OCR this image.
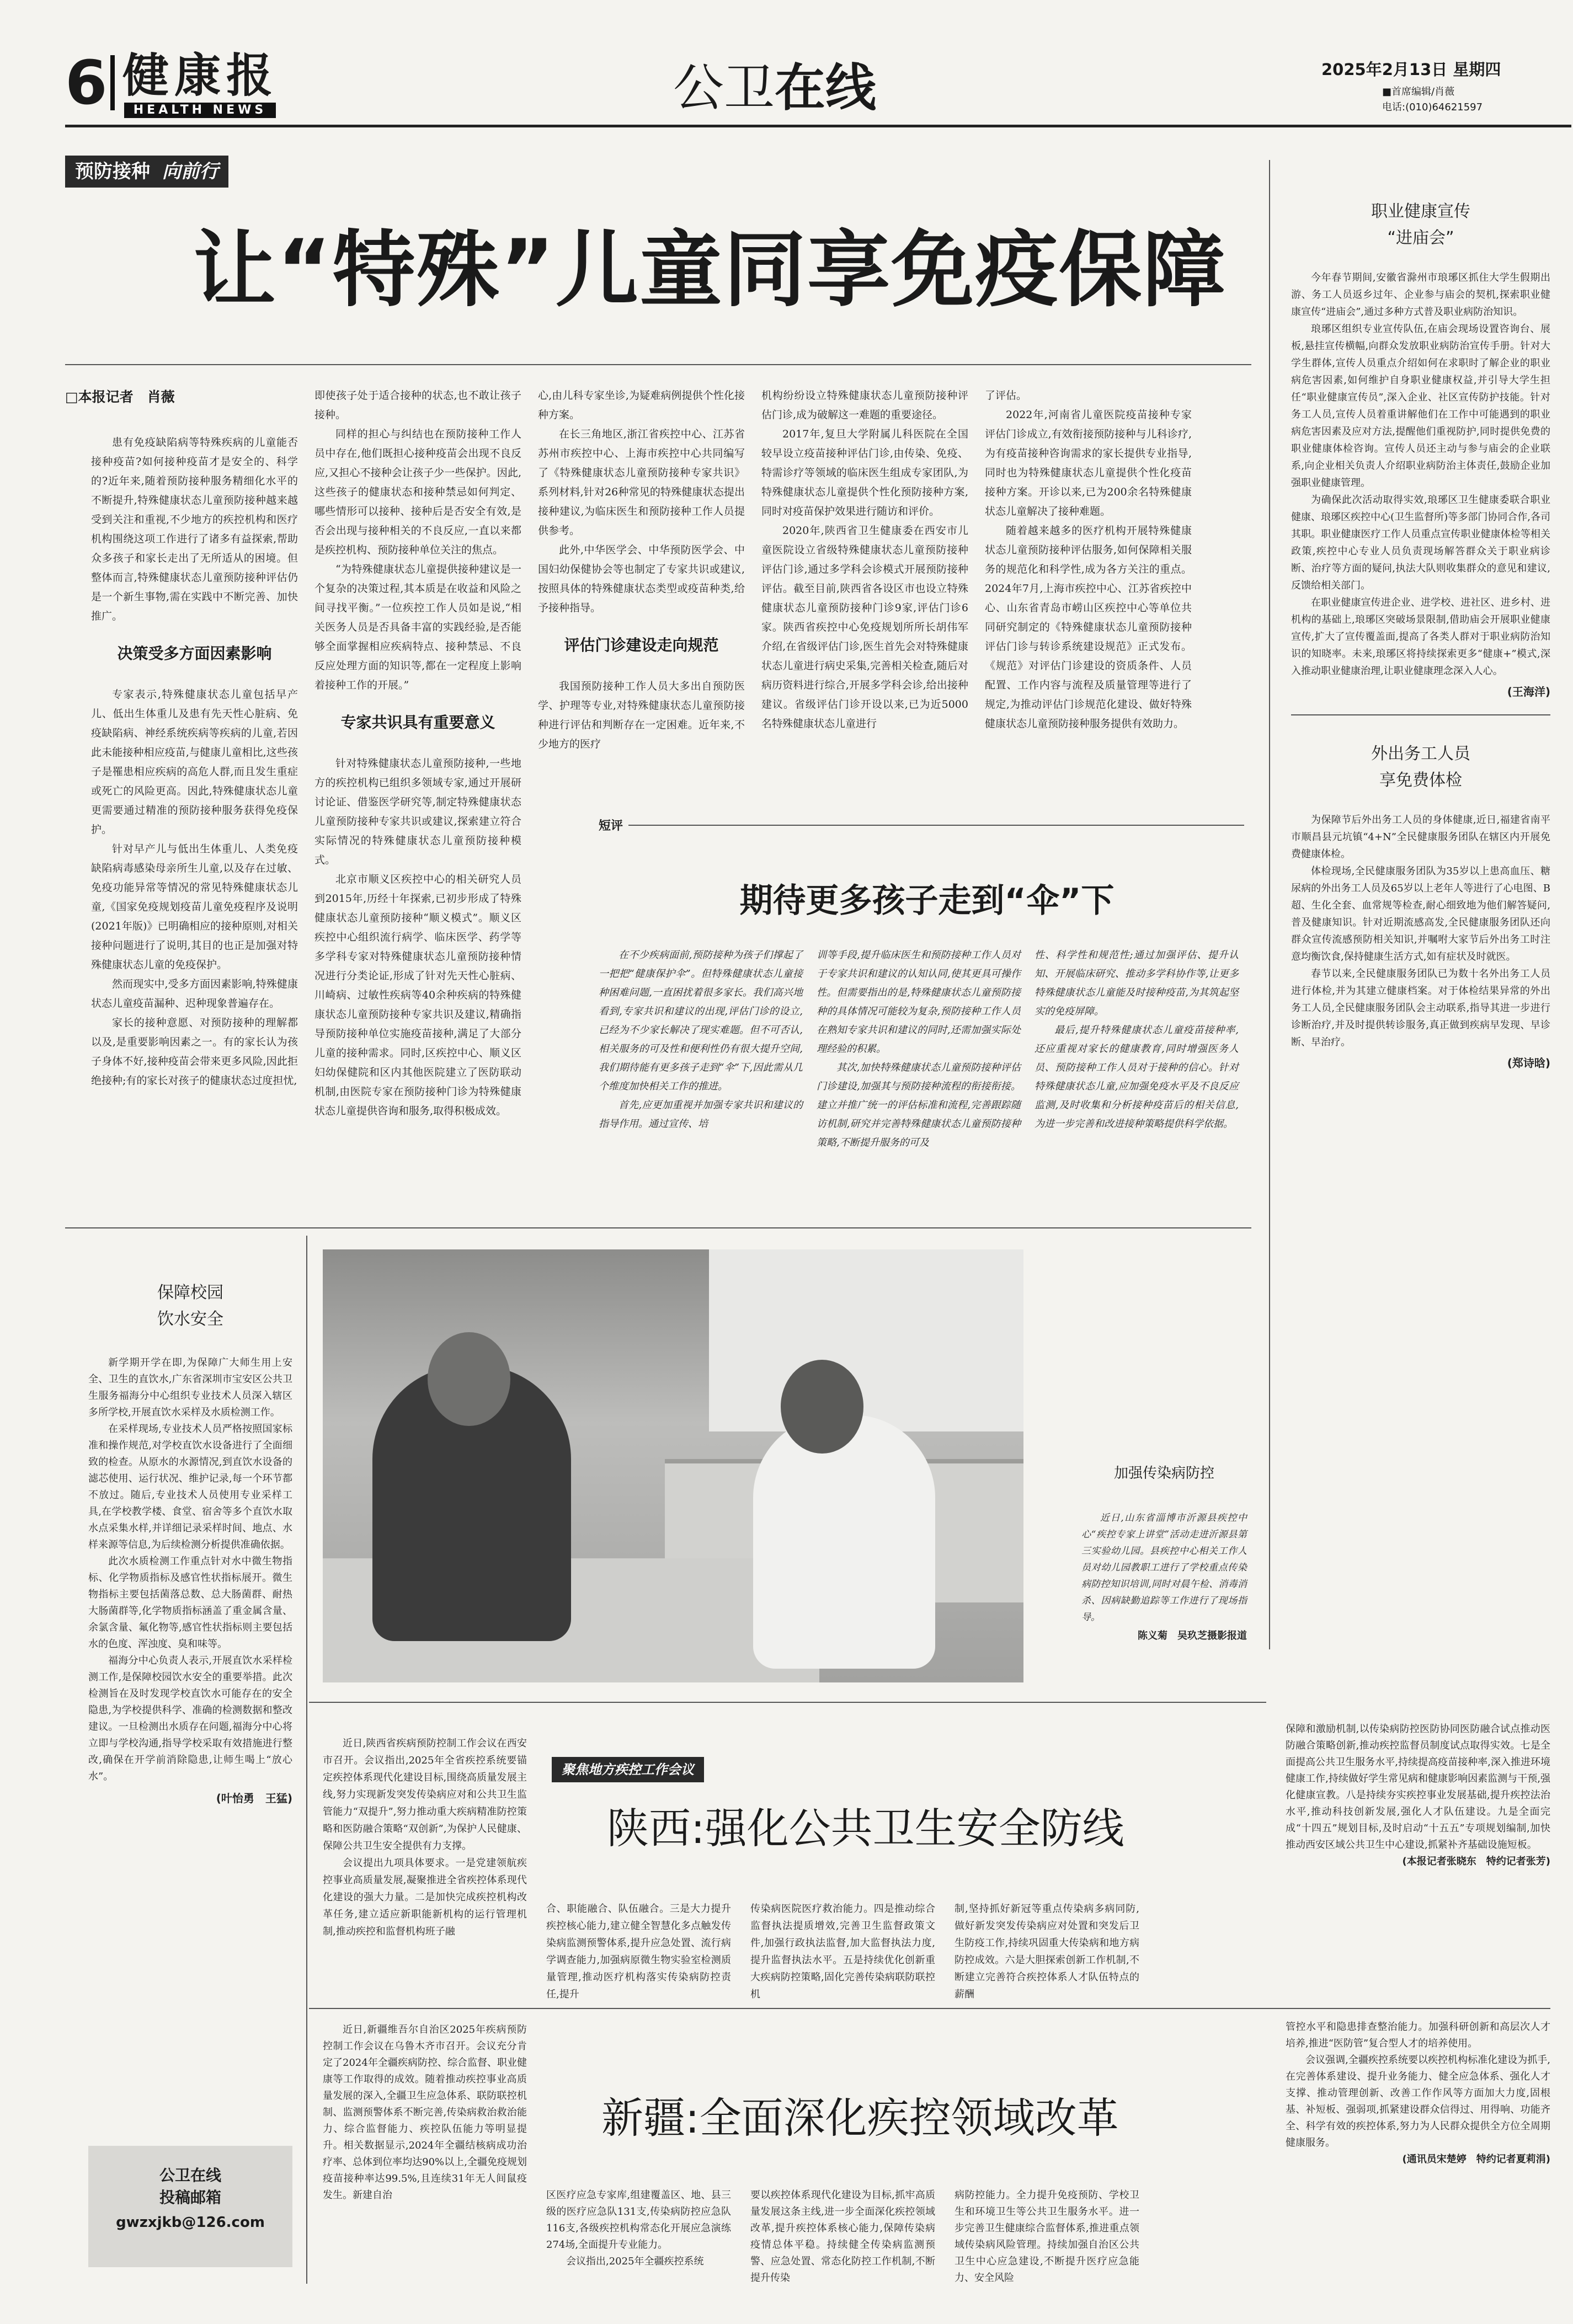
6 健康报
HEALTH NEWS	公卫在线	2025年2月13日 星期四
■首席编辑/肖薇
电话:(010)64621597
预防接种 向前行
让“特殊”儿童同享免疫保障
□本报记者　肖薇

患有免疫缺陷病等特殊疾病的儿童能否接种疫苗?如何接种疫苗才是安全的、科学的?近年来,随着预防接种服务精细化水平的不断提升,特殊健康状态儿童预防接种越来越受到关注和重视,不少地方的疾控机构和医疗机构围绕这项工作进行了诸多有益探索,帮助众多孩子和家长走出了无所适从的困境。但整体而言,特殊健康状态儿童预防接种评估仍是一个新生事物,需在实践中不断完善、加快推广。

决策受多方面因素影响

专家表示,特殊健康状态儿童包括早产儿、低出生体重儿及患有先天性心脏病、免疫缺陷病、神经系统疾病等疾病的儿童,若因此未能接种相应疫苗,与健康儿童相比,这些孩子是罹患相应疾病的高危人群,而且发生重症或死亡的风险更高。因此,特殊健康状态儿童更需要通过精准的预防接种服务获得免疫保护。

针对早产儿与低出生体重儿、人类免疫缺陷病毒感染母亲所生儿童,以及存在过敏、免疫功能异常等情况的常见特殊健康状态儿童,《国家免疫规划疫苗儿童免疫程序及说明(2021年版)》已明确相应的接种原则,对相关接种问题进行了说明,其目的也正是加强对特殊健康状态儿童的免疫保护。

然而现实中,受多方面因素影响,特殊健康状态儿童疫苗漏种、迟种现象普遍存在。

家长的接种意愿、对预防接种的理解都以及,是重要影响因素之一。有的家长认为孩子身体不好,接种疫苗会带来更多风险,因此拒绝接种;有的家长对孩子的健康状态过度担忧,

即使孩子处于适合接种的状态,也不敢让孩子接种。

同样的担心与纠结也在预防接种工作人员中存在,他们既担心接种疫苗会出现不良反应,又担心不接种会让孩子少一些保护。因此,这些孩子的健康状态和接种禁忌如何判定、哪些情形可以接种、接种后是否安全有效,是否会出现与接种相关的不良反应,一直以来都是疾控机构、预防接种单位关注的焦点。

“为特殊健康状态儿童提供接种建议是一个复杂的决策过程,其本质是在收益和风险之间寻找平衡。”一位疾控工作人员如是说,“相关医务人员是否具备丰富的实践经验,是否能够全面掌握相应疾病特点、接种禁忌、不良反应处理方面的知识等,都在一定程度上影响着接种工作的开展。”

专家共识具有重要意义

针对特殊健康状态儿童预防接种,一些地方的疾控机构已组织多领域专家,通过开展研讨论证、借鉴医学研究等,制定特殊健康状态儿童预防接种专家共识或建议,探索建立符合实际情况的特殊健康状态儿童预防接种模式。

北京市顺义区疾控中心的相关研究人员到2015年,历经十年探索,已初步形成了特殊健康状态儿童预防接种“顺义模式”。顺义区疾控中心组织流行病学、临床医学、药学等多学科专家对特殊健康状态儿童预防接种情况进行分类论证,形成了针对先天性心脏病、川崎病、过敏性疾病等40余种疾病的特殊健康状态儿童预防接种专家共识及建议,精确指导预防接种单位实施疫苗接种,满足了大部分儿童的接种需求。同时,区疾控中心、顺义区妇幼保健院和区内其他医院建立了医防联动机制,由医院专家在预防接种门诊为特殊健康状态儿童提供咨询和服务,取得积极成效。

心,由儿科专家坐诊,为疑难病例提供个性化接种方案。

在长三角地区,浙江省疾控中心、江苏省苏州市疾控中心、上海市疾控中心共同编写了《特殊健康状态儿童预防接种专家共识》系列材料,针对26种常见的特殊健康状态提出接种建议,为临床医生和预防接种工作人员提供参考。

此外,中华医学会、中华预防医学会、中国妇幼保健协会等也制定了专家共识或建议,按照具体的特殊健康状态类型或疫苗种类,给予接种指导。

评估门诊建设走向规范

我国预防接种工作人员大多出自预防医学、护理等专业,对特殊健康状态儿童预防接种进行评估和判断存在一定困难。近年来,不少地方的医疗

机构纷纷设立特殊健康状态儿童预防接种评估门诊,成为破解这一难题的重要途径。

2017年,复旦大学附属儿科医院在全国较早设立疫苗接种评估门诊,由传染、免疫、特需诊疗等领域的临床医生组成专家团队,为特殊健康状态儿童提供个性化预防接种方案,同时对疫苗保护效果进行随访和评价。

2020年,陕西省卫生健康委在西安市儿童医院设立省级特殊健康状态儿童预防接种评估门诊,通过多学科会诊模式开展预防接种评估。截至目前,陕西省各设区市也设立特殊健康状态儿童预防接种门诊9家,评估门诊6家。陕西省疾控中心免疫规划所所长胡伟军介绍,在省级评估门诊,医生首先会对特殊健康状态儿童进行病史采集,完善相关检查,随后对病历资料进行综合,开展多学科会诊,给出接种建议。省级评估门诊开设以来,已为近5000名特殊健康状态儿童进行

了评估。

2022年,河南省儿童医院疫苗接种专家评估门诊成立,有效衔接预防接种与儿科诊疗,为有疫苗接种咨询需求的家长提供专业指导,同时也为特殊健康状态儿童提供个性化疫苗接种方案。开诊以来,已为200余名特殊健康状态儿童解决了接种难题。

随着越来越多的医疗机构开展特殊健康状态儿童预防接种评估服务,如何保障相关服务的规范化和科学性,成为各方关注的重点。2024年7月,上海市疾控中心、江苏省疾控中心、山东省青岛市崂山区疾控中心等单位共同研究制定的《特殊健康状态儿童预防接种评估门诊与转诊系统建设规范》正式发布。《规范》对评估门诊建设的资质条件、人员配置、工作内容与流程及质量管理等进行了规定,为推动评估门诊规范化建设、做好特殊健康状态儿童预防接种服务提供有效助力。

短评
期待更多孩子走到“伞”下

在不少疾病面前,预防接种为孩子们撑起了一把把“健康保护伞”。但特殊健康状态儿童接种困难问题,一直困扰着很多家长。我们高兴地看到,专家共识和建议的出现,评估门诊的设立,已经为不少家长解决了现实难题。但不可否认,相关服务的可及性和便利性仍有很大提升空间,我们期待能有更多孩子走到“伞”下,因此需从几个维度加快相关工作的推进。

首先,应更加重视并加强专家共识和建议的指导作用。通过宣传、培

训等手段,提升临床医生和预防接种工作人员对于专家共识和建议的认知认同,使其更具可操作性。但需要指出的是,特殊健康状态儿童预防接种的具体情况可能较为复杂,预防接种工作人员在熟知专家共识和建议的同时,还需加强实际处理经验的积累。

其次,加快特殊健康状态儿童预防接种评估门诊建设,加强其与预防接种流程的衔接衔接。建立并推广统一的评估标准和流程,完善跟踪随访机制,研究并完善特殊健康状态儿童预防接种策略,不断提升服务的可及

性、科学性和规范性;通过加强评估、提升认知、开展临床研究、推动多学科协作等,让更多特殊健康状态儿童能及时接种疫苗,为其筑起坚实的免疫屏障。

最后,提升特殊健康状态儿童疫苗接种率,还应重视对家长的健康教育,同时增强医务人员、预防接种工作人员对于接种的信心。针对特殊健康状态儿童,应加强免疫水平及不良反应监测,及时收集和分析接种疫苗后的相关信息,为进一步完善和改进接种策略提供科学依据。

职业健康宣传
“进庙会”

今年春节期间,安徽省滁州市琅琊区抓住大学生假期出游、务工人员返乡过年、企业参与庙会的契机,探索职业健康宣传“进庙会”,通过多种方式普及职业病防治知识。

琅琊区组织专业宣传队伍,在庙会现场设置咨询台、展板,悬挂宣传横幅,向群众发放职业病防治宣传手册。针对大学生群体,宣传人员重点介绍如何在求职时了解企业的职业病危害因素,如何维护自身职业健康权益,并引导大学生担任“职业健康宣传员”,深入企业、社区宣传防护技能。针对务工人员,宣传人员着重讲解他们在工作中可能遇到的职业病危害因素及应对方法,提醒他们重视防护,同时提供免费的职业健康体检咨询。宣传人员还主动与参与庙会的企业联系,向企业相关负责人介绍职业病防治主体责任,鼓励企业加强职业健康管理。

为确保此次活动取得实效,琅琊区卫生健康委联合职业健康、琅琊区疾控中心(卫生监督所)等多部门协同合作,各司其职。职业健康医疗工作人员重点宣传职业健康体检等相关政策,疾控中心专业人员负责现场解答群众关于职业病诊断、治疗等方面的疑问,执法大队则收集群众的意见和建议,反馈给相关部门。

在职业健康宣传进企业、进学校、进社区、进乡村、进机构的基础上,琅琊区突破场景限制,借助庙会开展职业健康宣传,扩大了宣传覆盖面,提高了各类人群对于职业病防治知识的知晓率。未来,琅琊区将持续探索更多“健康+”模式,深入推动职业健康治理,让职业健康理念深入人心。

(王海洋)
外出务工人员
享免费体检

为保障节后外出务工人员的身体健康,近日,福建省南平市顺昌县元坑镇“4+N”全民健康服务团队在辖区内开展免费健康体检。

体检现场,全民健康服务团队为35岁以上患高血压、糖尿病的外出务工人员及65岁以上老年人等进行了心电图、B超、生化全套、血常规等检查,耐心细致地为他们解答疑问,普及健康知识。针对近期流感高发,全民健康服务团队还向群众宣传流感预防相关知识,并嘱咐大家节后外出务工时注意均衡饮食,保持健康生活方式,如有症状及时就医。

春节以来,全民健康服务团队已为数十名外出务工人员进行体检,并为其建立健康档案。对于体检结果异常的外出务工人员,全民健康服务团队会主动联系,指导其进一步进行诊断治疗,并及时提供转诊服务,真正做到疾病早发现、早诊断、早治疗。

(郑诗晗)
保障校园
饮水安全

新学期开学在即,为保障广大师生用上安全、卫生的直饮水,广东省深圳市宝安区公共卫生服务福海分中心组织专业技术人员深入辖区多所学校,开展直饮水采样及水质检测工作。

在采样现场,专业技术人员严格按照国家标准和操作规范,对学校直饮水设备进行了全面细致的检查。从原水的水源情况,到直饮水设备的滤芯使用、运行状况、维护记录,每一个环节都不放过。随后,专业技术人员使用专业采样工具,在学校教学楼、食堂、宿舍等多个直饮水取水点采集水样,并详细记录采样时间、地点、水样来源等信息,为后续检测分析提供准确依据。

此次水质检测工作重点针对水中微生物指标、化学物质指标及感官性状指标展开。微生物指标主要包括菌落总数、总大肠菌群、耐热大肠菌群等,化学物质指标涵盖了重金属含量、余氯含量、氟化物等,感官性状指标则主要包括水的色度、浑浊度、臭和味等。

福海分中心负责人表示,开展直饮水采样检测工作,是保障校园饮水安全的重要举措。此次检测旨在及时发现学校直饮水可能存在的安全隐患,为学校提供科学、准确的检测数据和整改建议。一旦检测出水质存在问题,福海分中心将立即与学校沟通,指导学校采取有效措施进行整改,确保在开学前消除隐患,让师生喝上“放心水”。

(叶怡勇　王猛)
公卫在线
投稿邮箱
gwzxjkb@126.com
加强传染病防控

近日,山东省淄博市沂源县疾控中心“疾控专家上讲堂”活动走进沂源县第三实验幼儿园。县疾控中心相关工作人员对幼儿园教职工进行了学校重点传染病防控知识培训,同时对晨午检、消毒消杀、因病缺勤追踪等工作进行了现场指导。

陈义菊　吴玖芝摄影报道
聚焦地方疾控工作会议
陕西:强化公共卫生安全防线

近日,陕西省疾病预防控制工作会议在西安市召开。会议指出,2025年全省疾控系统要锚定疾控体系现代化建设目标,围绕高质量发展主线,努力实现新发突发传染病应对和公共卫生监管能力“双提升”,努力推动重大疾病精准防控策略和医防融合策略“双创新”,为保护人民健康、保障公共卫生安全提供有力支撑。

会议提出九项具体要求。一是党建领航疾控事业高质量发展,凝聚推进全省疾控体系现代化建设的强大力量。二是加快完成疾控机构改革任务,建立适应新职能新机构的运行管理机制,推动疾控和监督机构班子融

合、职能融合、队伍融合。三是大力提升疾控核心能力,建立健全智慧化多点触发传染病监测预警体系,提升应急处置、流行病学调查能力,加强病原微生物实验室检测质量管理,推动医疗机构落实传染病防控责任,提升

传染病医院医疗救治能力。四是推动综合监督执法提质增效,完善卫生监督政策文件,加强行政执法监督,加大监督执法力度,提升监督执法水平。五是持续优化创新重大疾病防控策略,固化完善传染病联防联控机

制,坚持抓好新冠等重点传染病多病同防,做好新发突发传染病应对处置和突发后卫生防疫工作,持续巩固重大传染病和地方病防控成效。六是大胆探索创新工作机制,不断建立完善符合疾控体系人才队伍特点的薪酬

保障和激励机制,以传染病防控医防协同医防融合试点推动医防融合策略创新,推动疾控监督员制度试点取得实效。七是全面提高公共卫生服务水平,持续提高疫苗接种率,深入推进环境健康工作,持续做好学生常见病和健康影响因素监测与干预,强化健康宣教。八是持续夯实疾控事业发展基础,提升疾控法治水平,推动科技创新发展,强化人才队伍建设。九是全面完成“十四五”规划目标,及时启动“十五五”专项规划编制,加快推动西安区域公共卫生中心建设,抓紧补齐基础设施短板。

(本报记者张晓东　特约记者张芳)
新疆:全面深化疾控领域改革

近日,新疆维吾尔自治区2025年疾病预防控制工作会议在乌鲁木齐市召开。会议充分肯定了2024年全疆疾病防控、综合监督、职业健康等工作取得的成效。随着推动疾控事业高质量发展的深入,全疆卫生应急体系、联防联控机制、监测预警体系不断完善,传染病救治救治能力、综合监督能力、疾控队伍能力等明显提升。相关数据显示,2024年全疆结核病成功治疗率、总体到位率均达90%以上,全疆免疫规划疫苗接种率达99.5%,且连续31年无人间鼠疫发生。新建自治	区医疗应急专家库,组建覆盖区、地、县三级的医疗应急队131支,传染病防控应急队116支,各级疾控机构常态化开展应急演练274场,全面提升专业能力。

会议指出,2025年全疆疾控系统

要以疾控体系现代化建设为目标,抓牢高质量发展这条主线,进一步全面深化疾控领域改革,提升疾控体系核心能力,保障传染病疫情总体平稳。持续健全传染病监测预警、应急处置、常态化防控工作机制,不断提升传染

病防控能力。全力提升免疫预防、学校卫生和环境卫生等公共卫生服务水平。进一步完善卫生健康综合监督体系,推进重点领域传染病风险管理。持续加强自治区公共卫生中心应急建设,不断提升医疗应急能力、安全风险

管控水平和隐患排查整治能力。加强科研创新和高层次人才培养,推进“医防管”复合型人才的培养使用。

会议强调,全疆疾控系统要以疾控机构标准化建设为抓手,在完善体系建设、提升业务能力、健全应急体系、强化人才支撑、推动管理创新、改善工作作风等方面加大力度,固根基、补短板、强弱项,抓紧建设群众信得过、用得响、功能齐全、科学有效的疾控体系,努力为人民群众提供全方位全周期健康服务。

(通讯员宋楚婷　特约记者夏莉涓)
